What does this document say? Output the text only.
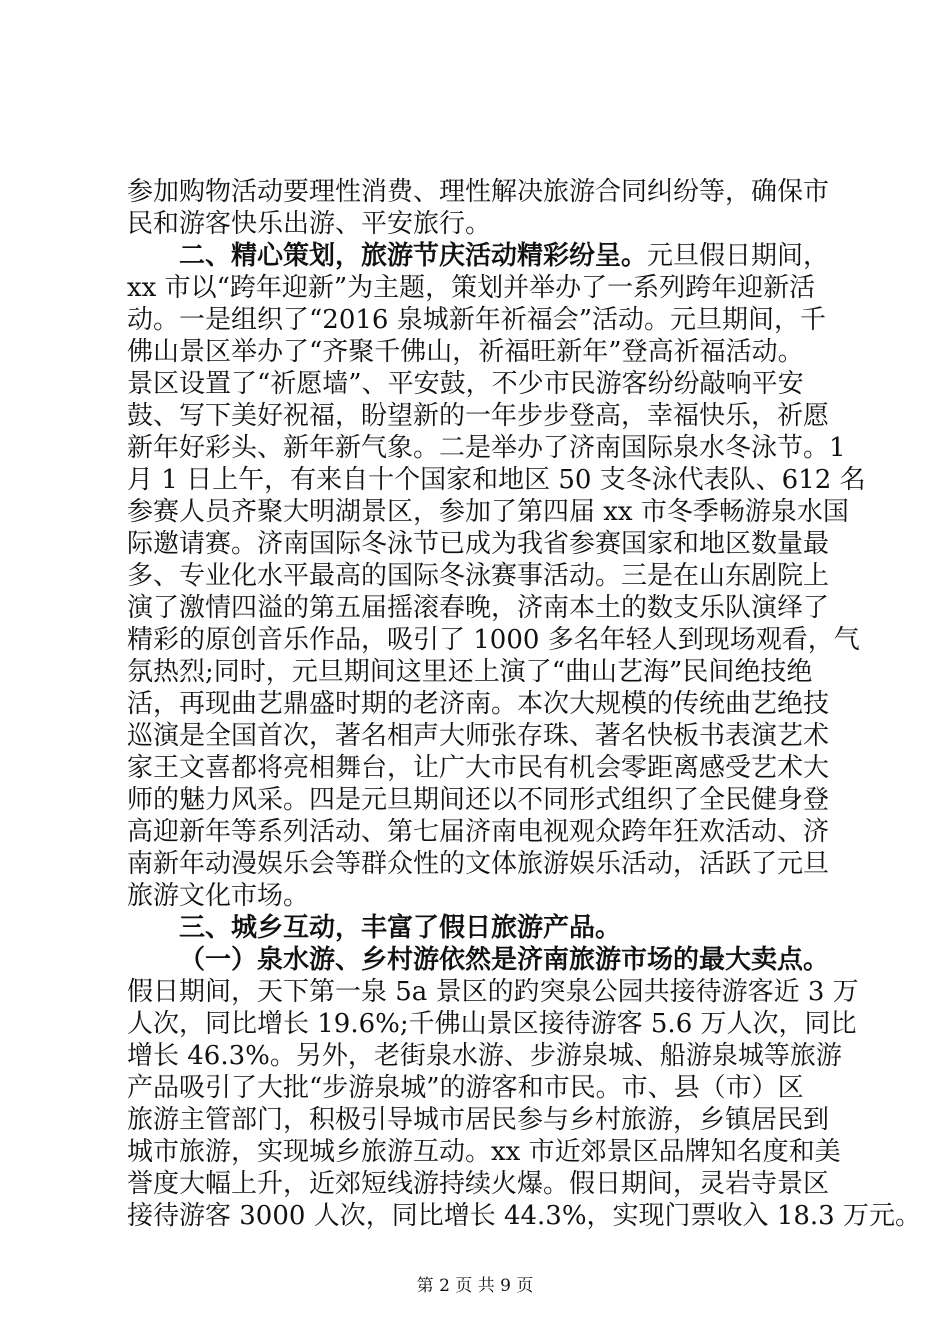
参加购物活动要理性消费、理性解决旅游合同纠纷等，确保市
民和游客快乐出游、平安旅行。
二、精心策划，旅游节庆活动精彩纷呈。元旦假日期间，
xx 市以“跨年迎新”为主题，策划并举办了一系列跨年迎新活
动。一是组织了“2016 泉城新年祈福会”活动。元旦期间，千
佛山景区举办了“齐聚千佛山，祈福旺新年”登高祈福活动。
景区设置了“祈愿墙”、平安鼓，不少市民游客纷纷敲响平安
鼓、写下美好祝福，盼望新的一年步步登高，幸福快乐，祈愿
新年好彩头、新年新气象。二是举办了济南国际泉水冬泳节。1
月 1 日上午，有来自十个国家和地区 50 支冬泳代表队、612 名
参赛人员齐聚大明湖景区，参加了第四届 xx 市冬季畅游泉水国
际邀请赛。济南国际冬泳节已成为我省参赛国家和地区数量最
多、专业化水平最高的国际冬泳赛事活动。三是在山东剧院上
演了激情四溢的第五届摇滚春晚，济南本土的数支乐队演绎了
精彩的原创音乐作品，吸引了 1000 多名年轻人到现场观看，气
氛热烈;同时，元旦期间这里还上演了“曲山艺海”民间绝技绝
活，再现曲艺鼎盛时期的老济南。本次大规模的传统曲艺绝技
巡演是全国首次，著名相声大师张存珠、著名快板书表演艺术
家王文喜都将亮相舞台，让广大市民有机会零距离感受艺术大
师的魅力风采。四是元旦期间还以不同形式组织了全民健身登
高迎新年等系列活动、第七届济南电视观众跨年狂欢活动、济
南新年动漫娱乐会等群众性的文体旅游娱乐活动，活跃了元旦
旅游文化市场。
三、城乡互动，丰富了假日旅游产品。
（一）泉水游、乡村游依然是济南旅游市场的最大卖点。
假日期间，天下第一泉 5a 景区的趵突泉公园共接待游客近 3 万
人次，同比增长 19.6%;千佛山景区接待游客 5.6 万人次，同比
增长 46.3%。另外，老街泉水游、步游泉城、船游泉城等旅游
产品吸引了大批“步游泉城”的游客和市民。市、县（市）区
旅游主管部门，积极引导城市居民参与乡村旅游，乡镇居民到
城市旅游，实现城乡旅游互动。xx 市近郊景区品牌知名度和美
誉度大幅上升，近郊短线游持续火爆。假日期间，灵岩寺景区
接待游客 3000 人次，同比增长 44.3%，实现门票收入 18.3 万元。
第 2 页 共 9 页
